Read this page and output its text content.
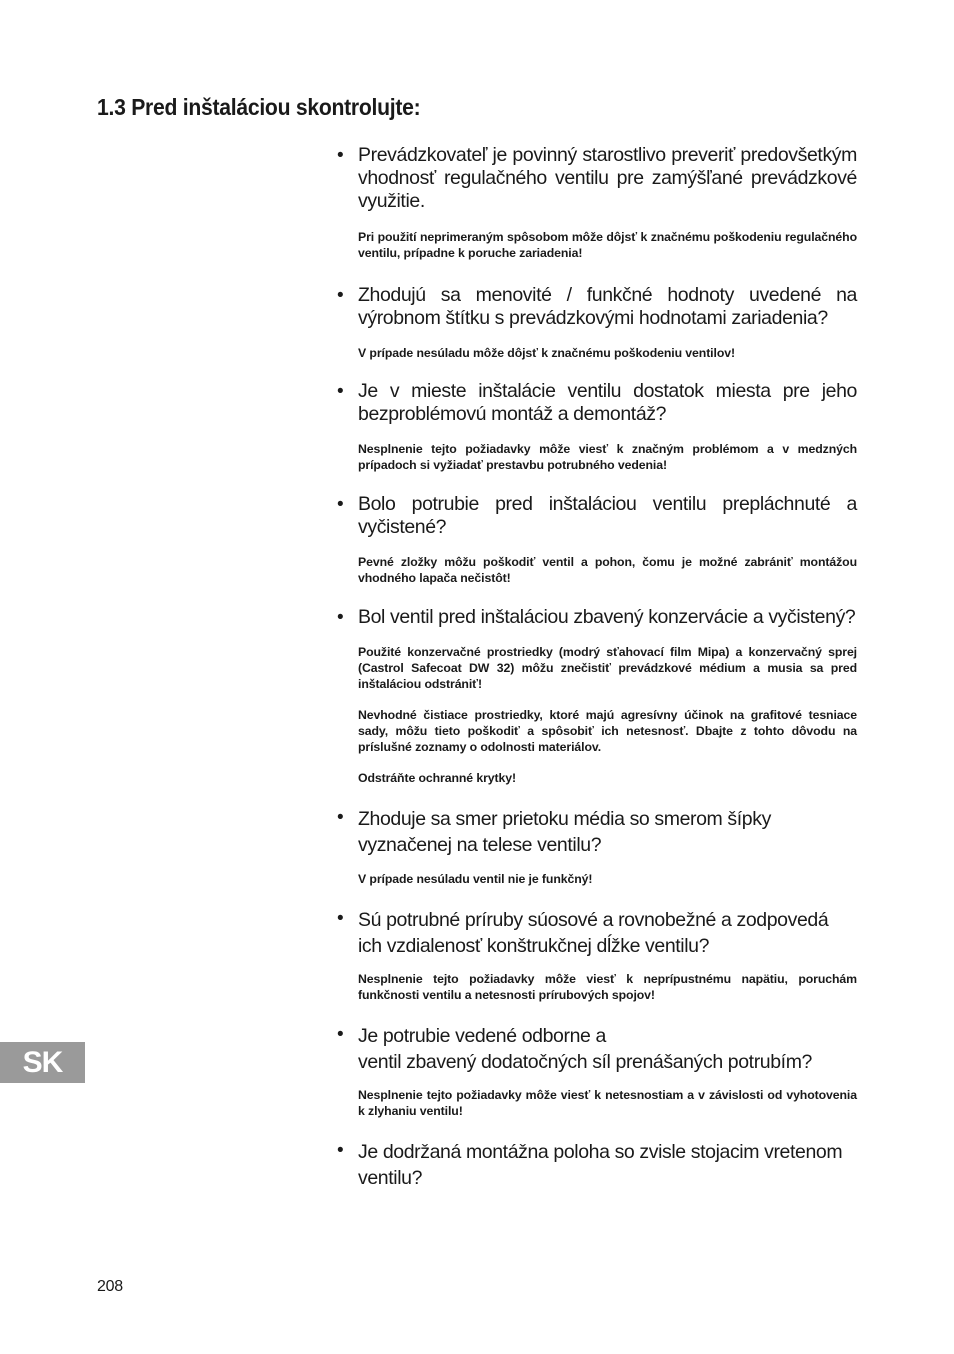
1.3 Pred inštaláciou skontrolujte:
• Prevádzkovateľ je povinný starostlivo preveriť predovšetkým vhodnosť regulačného ventilu pre zamýšľané prevádzkové využitie.

Pri použití neprimeraným spôsobom môže dôjsť k značnému poškodeniu regulačného ventilu, prípadne k poruche zariadenia!

• Zhodujú sa menovité / funkčné hodnoty uvedené na výrobnom štítku s prevádzkovými hodnotami zariadenia?

V prípade nesúladu môže dôjsť k značnému poškodeniu ventilov!

• Je v mieste inštalácie ventilu dostatok miesta pre jeho bezproblémovú montáž a demontáž?

Nesplnenie tejto požiadavky môže viesť k značným problémom a v medzných prípadoch si vyžiadať prestavbu potrubného vedenia!

• Bolo potrubie pred inštaláciou ventilu prepláchnuté a vyčistené?

Pevné zložky môžu poškodiť ventil a pohon, čomu je možné zabrániť montážou vhodného lapača nečistôt!

• Bol ventil pred inštaláciou zbavený konzervácie a vyčistený?

Použité konzervačné prostriedky (modrý sťahovací film Mipa) a konzervačný sprej (Castrol Safecoat DW 32) môžu znečistiť prevádzkové médium a musia sa pred inštaláciou odstrániť!

Nevhodné čistiace prostriedky, ktoré majú agresívny účinok na grafitové tesniace sady, môžu tieto poškodiť a spôsobiť ich netesnosť. Dbajte z tohto dôvodu na príslušné zoznamy o odolnosti materiálov.

Odstráňte ochranné krytky!

• Zhoduje sa smer prietoku média so smerom šípky vyznačenej na telese ventilu?

V prípade nesúladu ventil nie je funkčný!

• Sú potrubné príruby súosové a rovnobežné a zodpovedá ich vzdialenosť konštrukčnej dĺžke ventilu?

Nesplnenie tejto požiadavky môže viesť k neprípustnému napätiu, poruchám funkčnosti ventilu a netesnosti prírubových spojov!

• Je potrubie vedené odborne a
ventil zbavený dodatočných síl prenášaných potrubím?

Nesplnenie tejto požiadavky môže viesť k netesnostiam a v závislosti od vyhotovenia k zlyhaniu ventilu!

• Je dodržaná montážna poloha so zvisle stojacim vretenom ventilu?

SK
208
